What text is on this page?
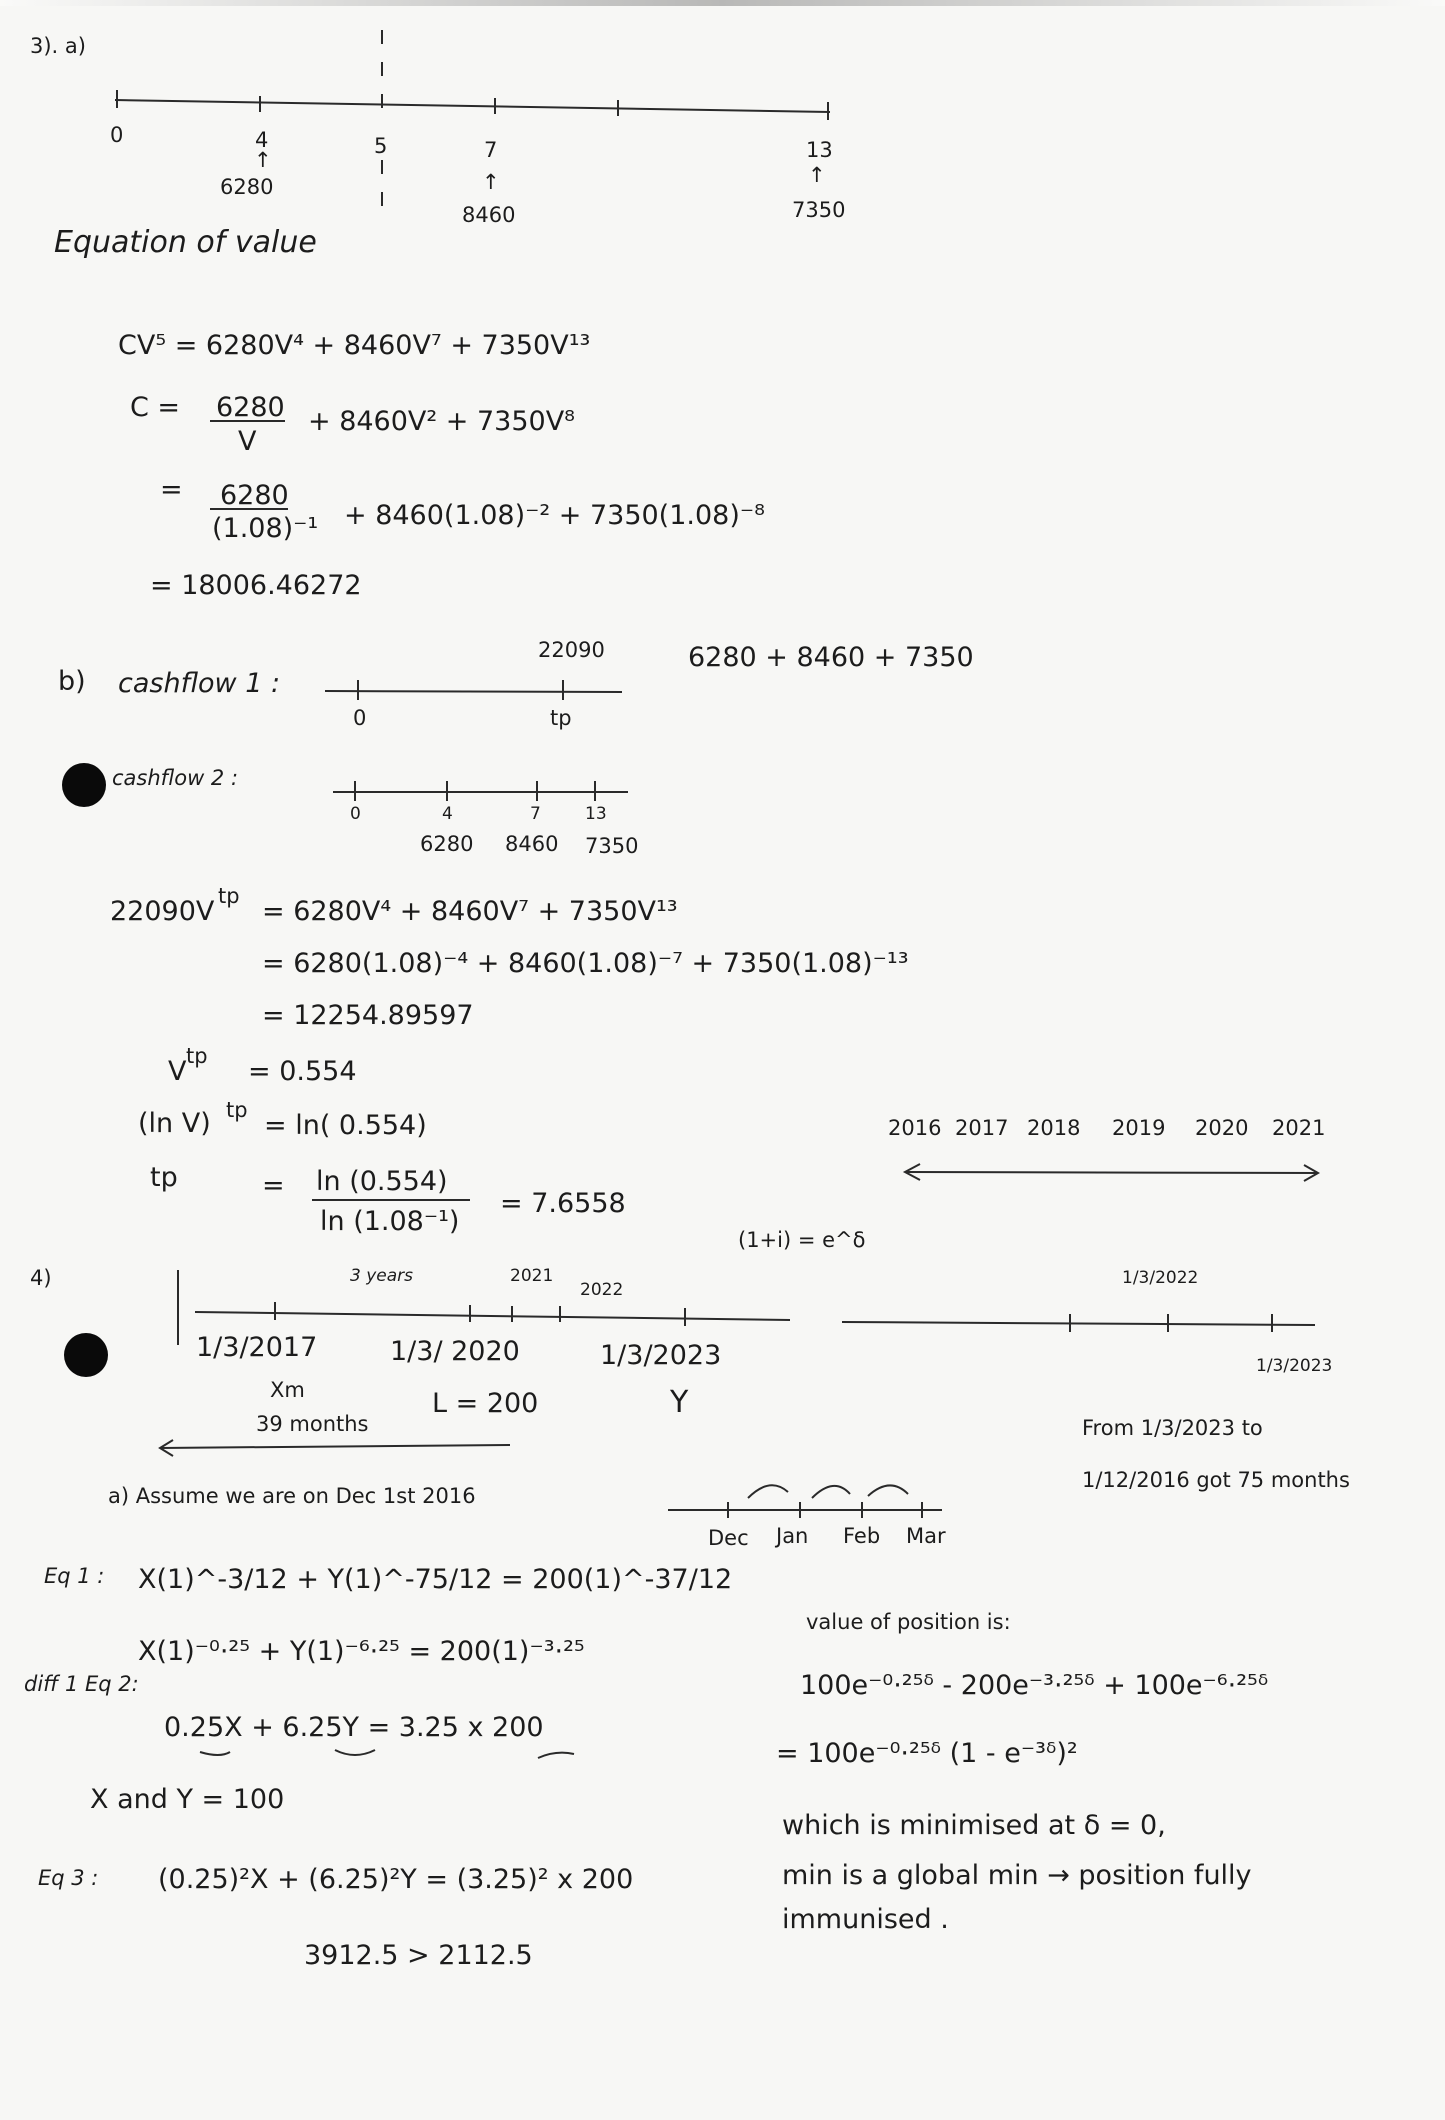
3). a)
0	4	5	7	13
↑
↑	↑
6280
8460	7350
Equation of value
CV⁵ = 6280V⁴ + 8460V⁷ + 7350V¹³
C = 6280
V
+ 8460V² + 7350V⁸
= 6280
(1.08)⁻¹ + 8460(1.08)⁻² + 7350(1.08)⁻⁸
= 18006.46272
b) cashflow 1 :
22090
0	tp
6280 + 8460 + 7350
cashflow 2 :
0	4	7	13
6280 8460 7350
22090V tp = 6280V⁴ + 8460V⁷ + 7350V¹³
= 6280(1.08)⁻⁴ + 8460(1.08)⁻⁷ + 7350(1.08)⁻¹³
= 12254.89597
V tp = 0.554
(ln V) tp = ln( 0.554)
tp	= ln (0.554)
ln (1.08⁻¹)
= 7.6558
2016 2017 2018 2019 2020 2021
(1+i) = e^δ
4)	3 years	2021
2022
1/3/2017	1/3/ 2020	1/3/2023
Xm	L = 200	Y
39 months
1/3/2022
1/3/2023
From 1/3/2023 to
1/12/2016 got 75 months
a) Assume we are on Dec 1st 2016
Dec Jan Feb Mar
Eq 1 : X(1)^-3/12 + Y(1)^-75/12 = 200(1)^-37/12
X(1)⁻⁰·²⁵ + Y(1)⁻⁶·²⁵ = 200(1)⁻³·²⁵
diff 1 Eq 2:
0.25X + 6.25Y = 3.25 x 200
X and Y = 100
Eq 3 : (0.25)²X + (6.25)²Y = (3.25)² x 200
3912.5 > 2112.5
value of position is:
100e⁻⁰·²⁵ᵟ - 200e⁻³·²⁵ᵟ + 100e⁻⁶·²⁵ᵟ
= 100e⁻⁰·²⁵ᵟ (1 - e⁻³ᵟ)²
which is minimised at δ = 0,
min is a global min → position fully
immunised .
